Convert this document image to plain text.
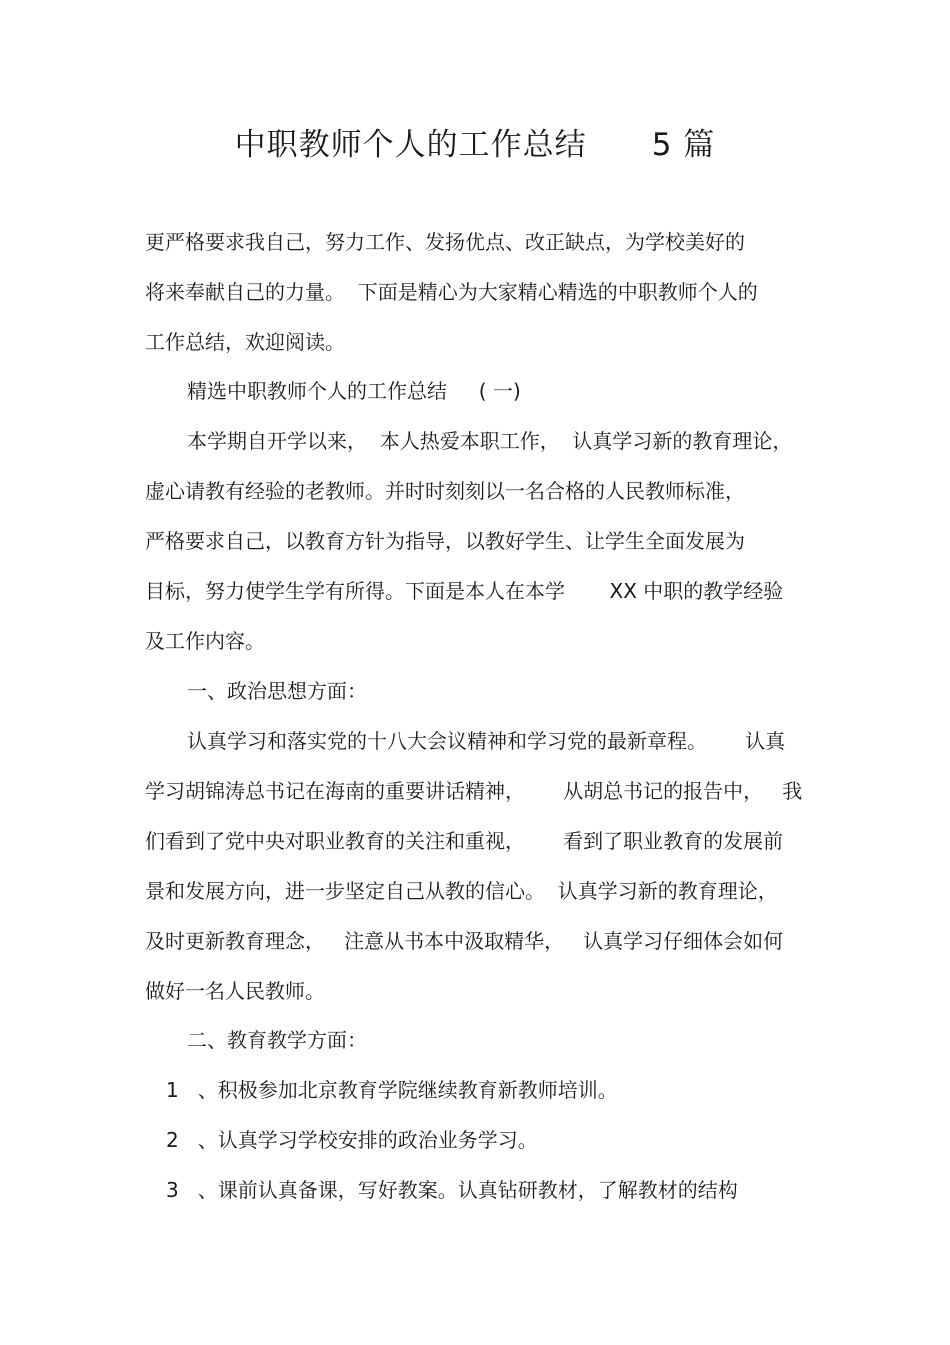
中职教师个人的工作总结      5 篇
更严格要求我自己，努力工作、发扬优点、改正缺点，为学校美好的
将来奉献自己的力量。  下面是精心为大家精心精选的中职教师个人的
工作总结，欢迎阅读。
精选中职教师个人的工作总结     ( 一)
本学期自开学以来，  本人热爱本职工作，  认真学习新的教育理论，
虚心请教有经验的老教师。并时时刻刻以一名合格的人民教师标准，
严格要求自己，以教育方针为指导，以教好学生、让学生全面发展为
目标，努力使学生学有所得。下面是本人在本学       XX 中职的教学经验
及工作内容。
一、政治思想方面：
认真学习和落实党的十八大会议精神和学习党的最新章程。      认真
学习胡锦涛总书记在海南的重要讲话精神，      从胡总书记的报告中，   我
们看到了党中央对职业教育的关注和重视，      看到了职业教育的发展前
景和发展方向，进一步坚定自己从教的信心。  认真学习新的教育理论，
及时更新教育理念，   注意从书本中汲取精华，   认真学习仔细体会如何
做好一名人民教师。
二、教育教学方面：
1   、积极参加北京教育学院继续教育新教师培训。
2   、认真学习学校安排的政治业务学习。
3   、课前认真备课，写好教案。认真钻研教材，了解教材的结构
